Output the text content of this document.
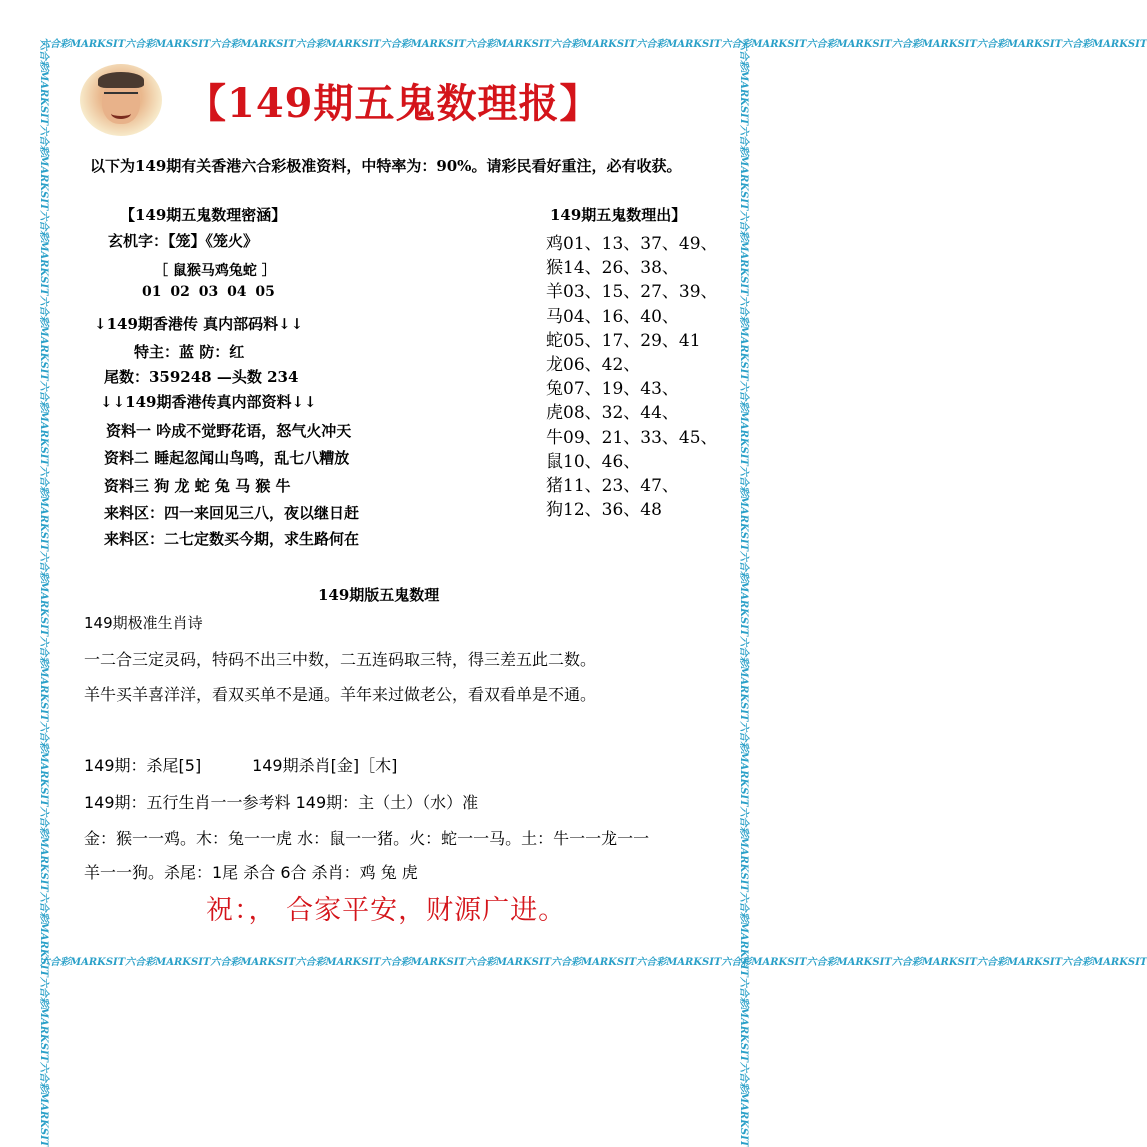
六合彩MARKSIT六合彩MARKSIT六合彩MARKSIT六合彩MARKSIT六合彩MARKSIT六合彩MARKSIT六合彩MARKSIT六合彩MARKSIT六合彩MARKSIT六合彩MARKSIT六合彩MARKSIT六合彩MARKSIT六合彩MARKSIT
六合彩MARKSIT六合彩MARKSIT六合彩MARKSIT六合彩MARKSIT六合彩MARKSIT六合彩MARKSIT六合彩MARKSIT六合彩MARKSIT六合彩MARKSIT六合彩MARKSIT六合彩MARKSIT六合彩MARKSIT六合彩MARKSIT
六合彩MARKSIT六合彩MARKSIT六合彩MARKSIT六合彩MARKSIT六合彩MARKSIT六合彩MARKSIT六合彩MARKSIT六合彩MARKSIT六合彩MARKSIT六合彩MARKSIT六合彩MARKSIT六合彩MARKSIT六合彩MARKSIT	六合彩MARKSIT六合彩MARKSIT六合彩MARKSIT六合彩MARKSIT六合彩MARKSIT六合彩MARKSIT六合彩MARKSIT六合彩MARKSIT六合彩MARKSIT六合彩MARKSIT六合彩MARKSIT六合彩MARKSIT六合彩MARKSIT
【149期五鬼数理报】
以下为149期有关香港六合彩极准资料，中特率为：90%。请彩民看好重注，必有收获。
【149期五鬼数理密涵】
玄机字：【笼】《笼火》
［ 鼠猴马鸡兔蛇 ］
01 02 03 04 05
↓149期香港传 真内部码料↓↓
特主：蓝 防：红
尾数：359248 —头数 234
↓↓149期香港传真内部资料↓↓
资料一 吟成不觉野花语，怒气火冲天
资料二 睡起忽闻山鸟鸣，乱七八糟放
资料三 狗 龙 蛇 兔 马 猴 牛
来料区：四一来回见三八，夜以继日赶
来料区：二七定数买今期，求生路何在
149期五鬼数理出】
鸡01、13、37、49、
猴14、26、38、
羊03、15、27、39、
马04、16、40、
蛇05、17、29、41
龙06、42、
兔07、19、43、
虎08、32、44、
牛09、21、33、45、
鼠10、46、
猪11、23、47、
狗12、36、48
149期版五鬼数理
149期极准生肖诗
一二合三定灵码，特码不出三中数，二五连码取三特，得三差五此二数。
羊牛买羊喜洋洋，看双买单不是通。羊年来过做老公，看双看单是不通。
149期：杀尾[5]          149期杀肖[金]［木]
149期：五行生肖一一参考料 149期：主（土）（水）准
金：猴一一鸡。木：兔一一虎 水：鼠一一猪。火：蛇一一马。土：牛一一龙一一
羊一一狗。杀尾：1尾 杀合 6合 杀肖：鸡 兔 虎
祝：， 合家平安，财源广进。
